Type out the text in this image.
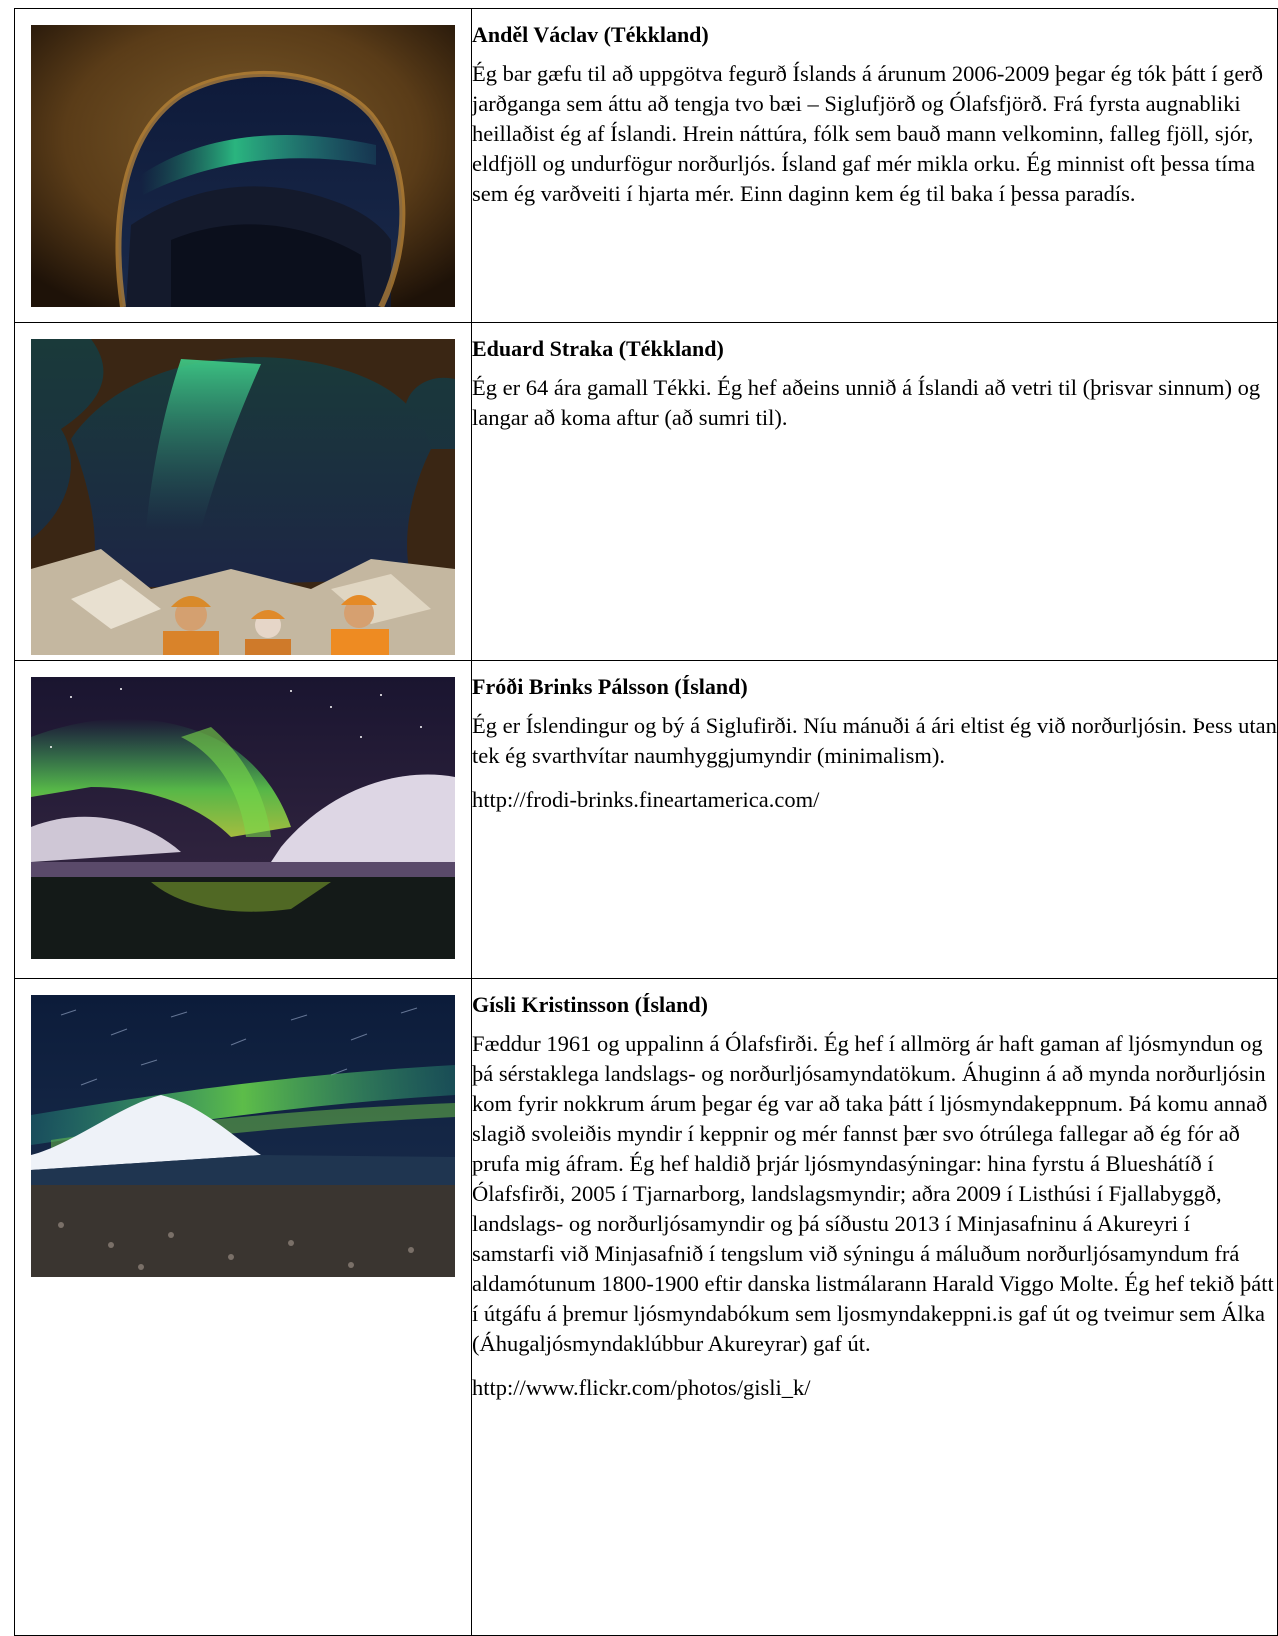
Anděl Václav (Tékkland)

Ég bar gæfu til að uppgötva fegurð Íslands á árunum 2006-2009 þegar ég tók þátt í gerð jarðganga sem áttu að tengja tvo bæi – Siglufjörð og Ólafsfjörð. Frá fyrsta augnabliki heillaðist ég af Íslandi. Hrein náttúra, fólk sem bauð mann velkominn, falleg fjöll, sjór, eldfjöll og undurfögur norðurljós. Ísland gaf mér mikla orku. Ég minnist oft þessa tíma sem ég varðveiti í hjarta mér. Einn daginn kem ég til baka í þessa paradís.

Eduard Straka (Tékkland)

Ég er 64 ára gamall Tékki. Ég hef aðeins unnið á Íslandi að vetri til (þrisvar sinnum) og langar að koma aftur (að sumri til).

Fróði Brinks Pálsson (Ísland)

Ég er Íslendingur og bý á Siglufirði. Níu mánuði á ári eltist ég við norðurljósin. Þess utan tek ég svarthvítar naumhyggjumyndir (minimalism).

http://frodi-brinks.fineartamerica.com/

Gísli Kristinsson (Ísland)

Fæddur 1961 og uppalinn á Ólafsfirði. Ég hef í allmörg ár haft gaman af ljósmyndun og þá sérstaklega landslags- og norðurljósamyndatökum. Áhuginn á að mynda norðurljósin kom fyrir nokkrum árum þegar ég var að taka þátt í ljósmyndakeppnum. Þá komu annað slagið svoleiðis myndir í keppnir og mér fannst þær svo ótrúlega fallegar að ég fór að prufa mig áfram. Ég hef haldið þrjár ljósmyndasýningar: hina fyrstu á Blueshátíð í Ólafsfirði, 2005 í Tjarnarborg, landslagsmyndir; aðra 2009 í Listhúsi í Fjallabyggð, landslags- og norðurljósamyndir og þá síðustu 2013 í Minjasafninu á Akureyri í samstarfi við Minjasafnið í tengslum við sýningu á máluðum norðurljósamyndum frá aldamótunum 1800-1900 eftir danska listmálarann Harald Viggo Molte. Ég hef tekið þátt í útgáfu á þremur ljósmyndabókum sem ljosmyndakeppni.is gaf út og tveimur sem Álka (Áhugaljósmyndaklúbbur Akureyrar) gaf út.

http://www.flickr.com/photos/gisli_k/
